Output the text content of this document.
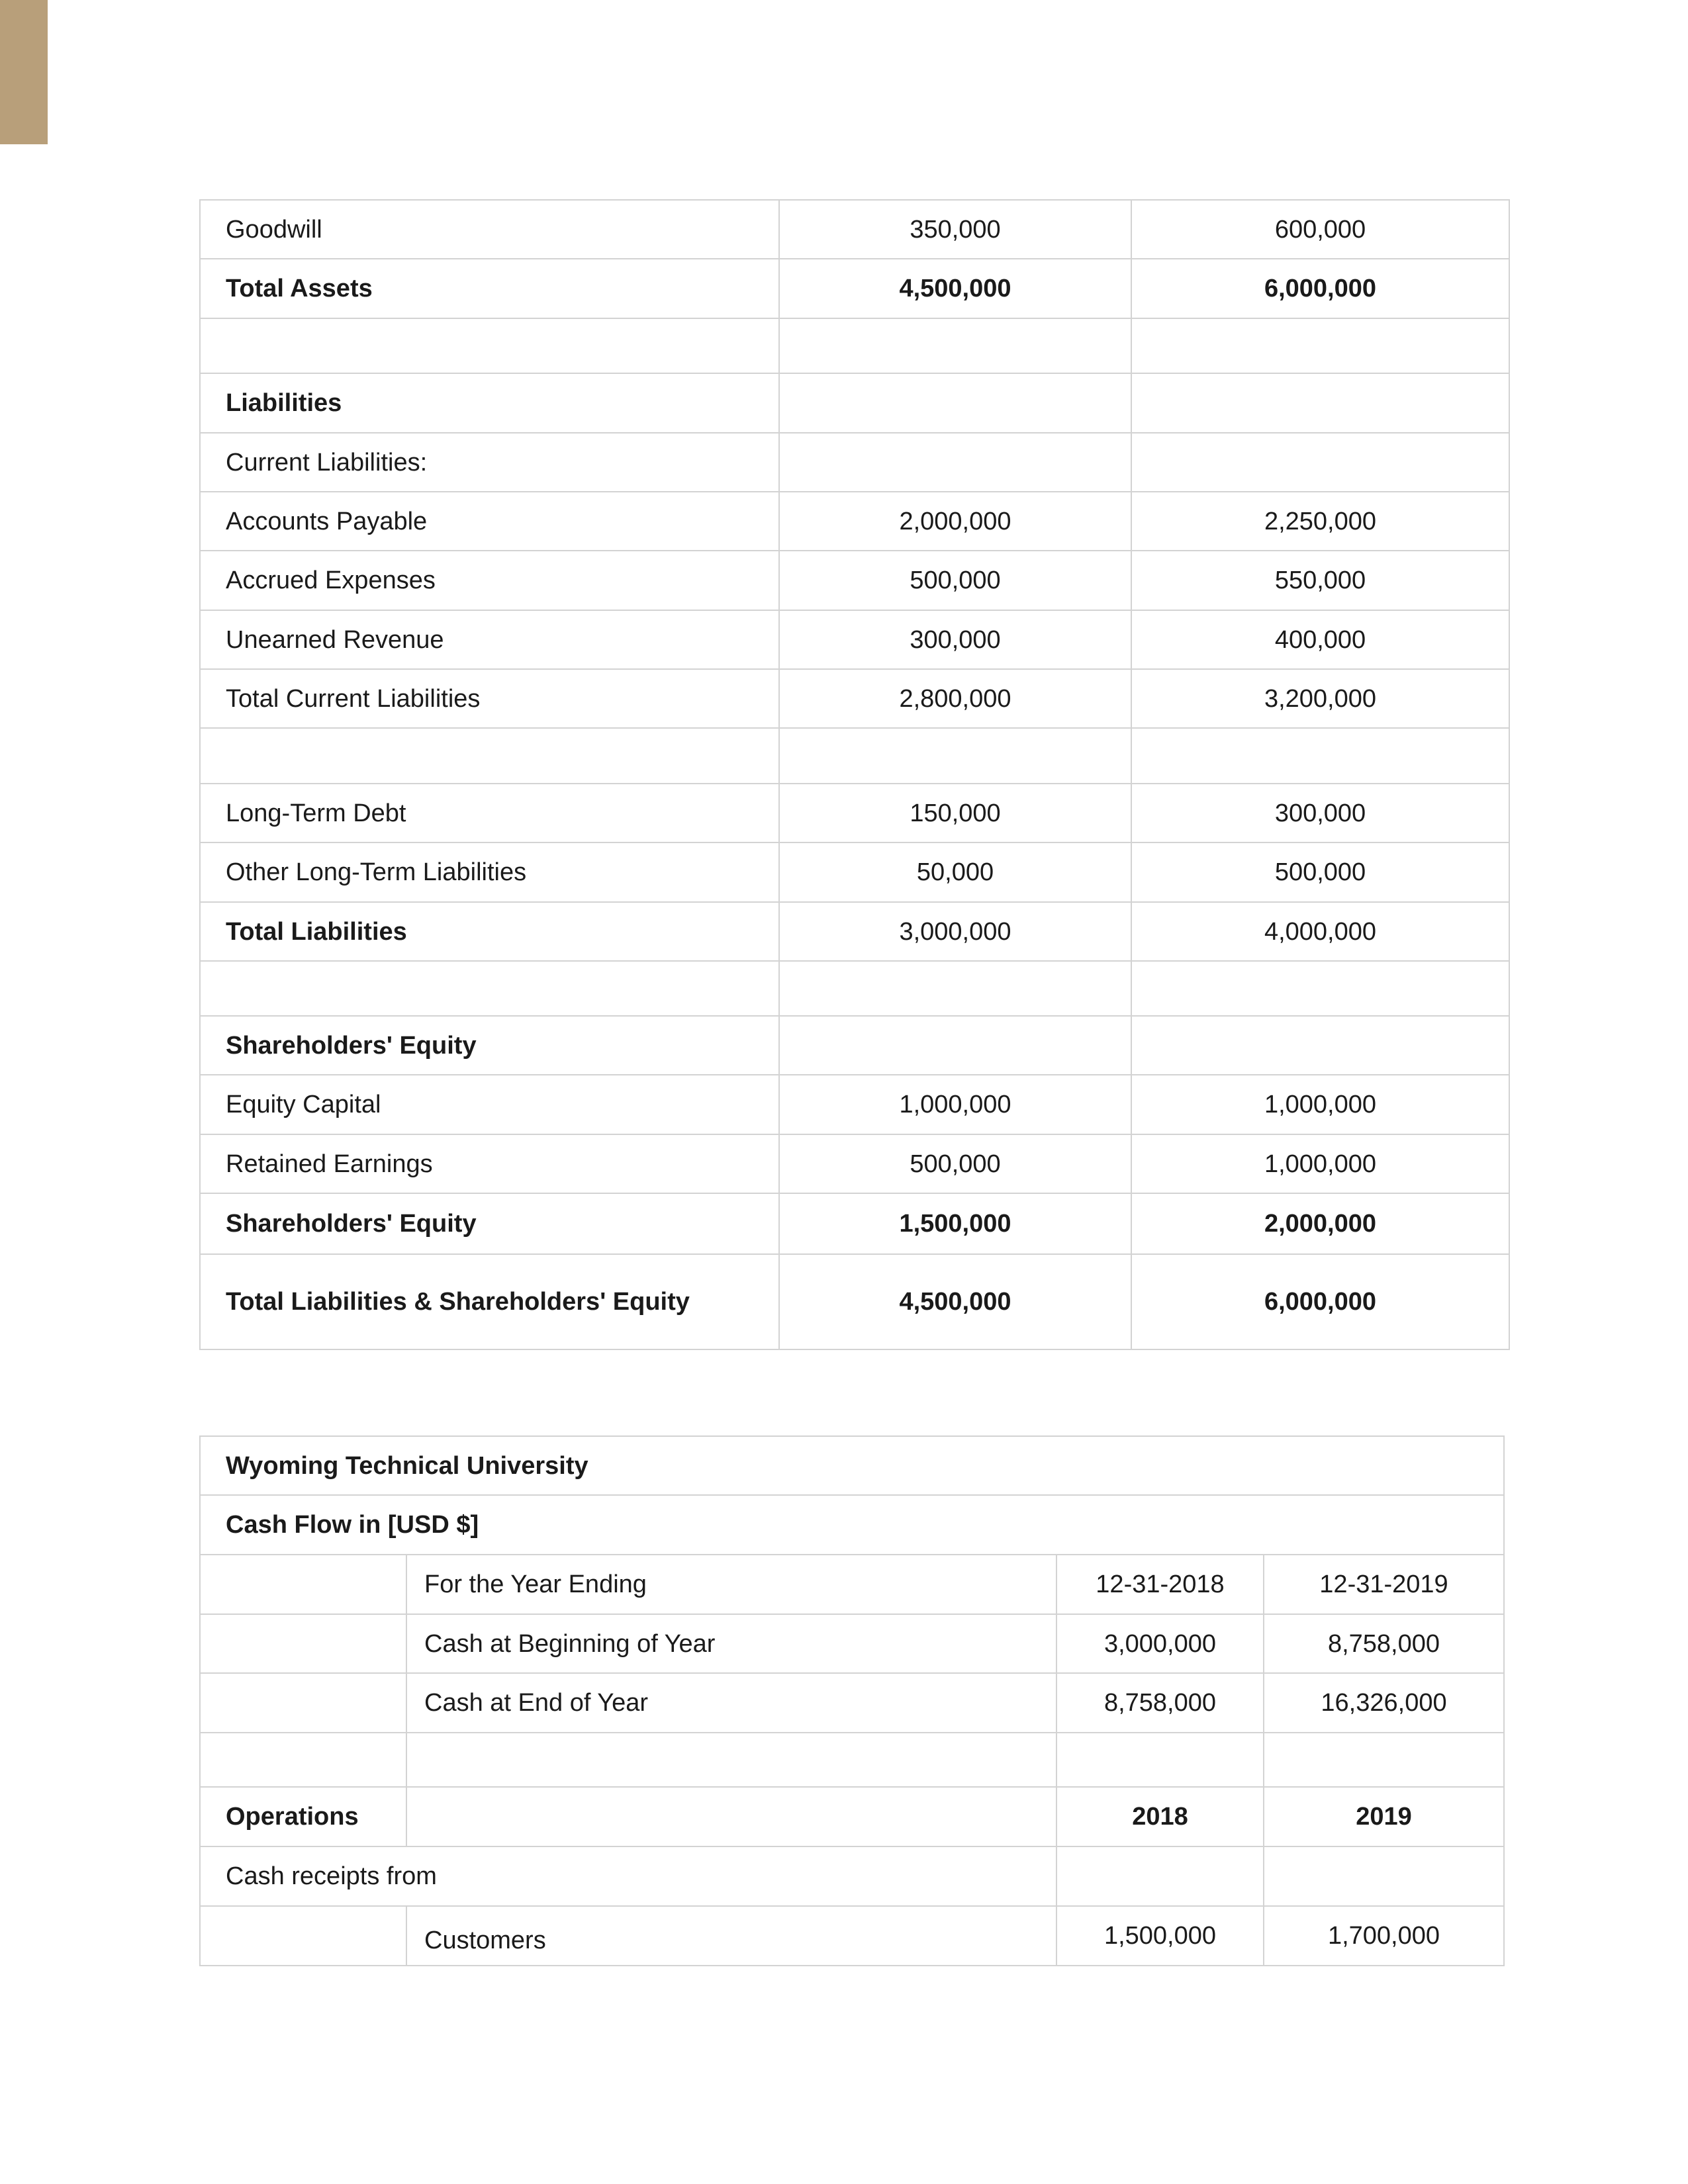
Goodwill	350,000	600,000
Total Assets	4,500,000	6,000,000

Liabilities		
Current Liabilities:		
Accounts Payable	2,000,000	2,250,000
Accrued Expenses	500,000	550,000
Unearned Revenue	300,000	400,000
Total Current Liabilities	2,800,000	3,200,000

Long-Term Debt	150,000	300,000
Other Long-Term Liabilities	50,000	500,000
Total Liabilities	3,000,000	4,000,000

Shareholders' Equity		
Equity Capital	1,000,000	1,000,000
Retained Earnings	500,000	1,000,000
Shareholders' Equity	1,500,000	2,000,000
Total Liabilities & Shareholders' Equity	4,500,000	6,000,000
Wyoming Technical University			
Cash Flow in [USD $]			
	For the Year Ending	12-31-2018	12-31-2019
	Cash at Beginning of Year	3,000,000	8,758,000
	Cash at End of Year	8,758,000	16,326,000

Operations		2018	2019
Cash receipts from			
	Customers	1,500,000	1,700,000
